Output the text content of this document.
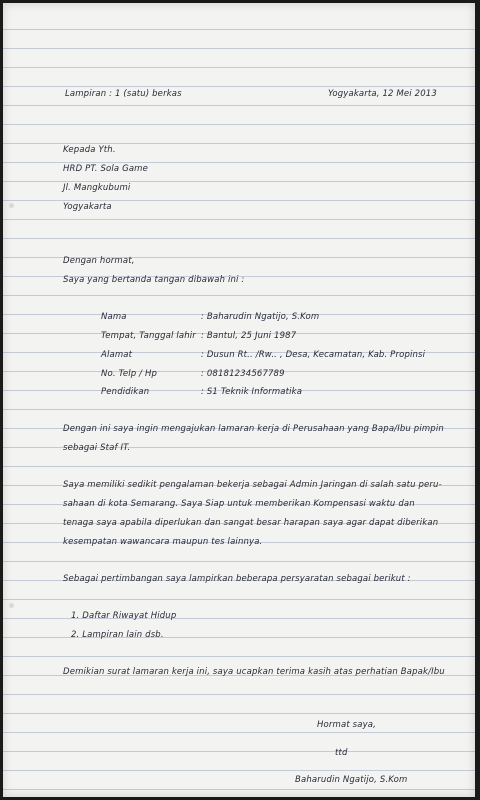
Lampiran : 1 (satu) berkas	Yogyakarta, 12 Mei 2013
Kepada Yth.
HRD PT. Sola Game
Jl. Mangkubumi
Yogyakarta
Dengan hormat,
Saya yang bertanda tangan dibawah ini :
Nama	: Baharudin Ngatijo, S.Kom
Tempat, Tanggal lahir : Bantul, 25 Juni 1987
Alamat	: Dusun Rt.. /Rw.. , Desa, Kecamatan, Kab. Propinsi
No. Telp / Hp	: 08181234567789
Pendidikan	: S1 Teknik Informatika
Dengan ini saya ingin mengajukan lamaran kerja di Perusahaan yang Bapa/Ibu pimpin
sebagai Staf IT.
Saya memiliki sedikit pengalaman bekerja sebagai Admin Jaringan di salah satu peru-
sahaan di kota Semarang. Saya Siap untuk memberikan Kompensasi waktu dan
tenaga saya apabila diperlukan dan sangat besar harapan saya agar dapat diberikan
kesempatan wawancara maupun tes lainnya.
Sebagai pertimbangan saya lampirkan beberapa persyaratan sebagai berikut :
1. Daftar Riwayat Hidup
2. Lampiran lain dsb.
Demikian surat lamaran kerja ini, saya ucapkan terima kasih atas perhatian Bapak/Ibu
Hormat saya,
ttd
Baharudin Ngatijo, S.Kom
